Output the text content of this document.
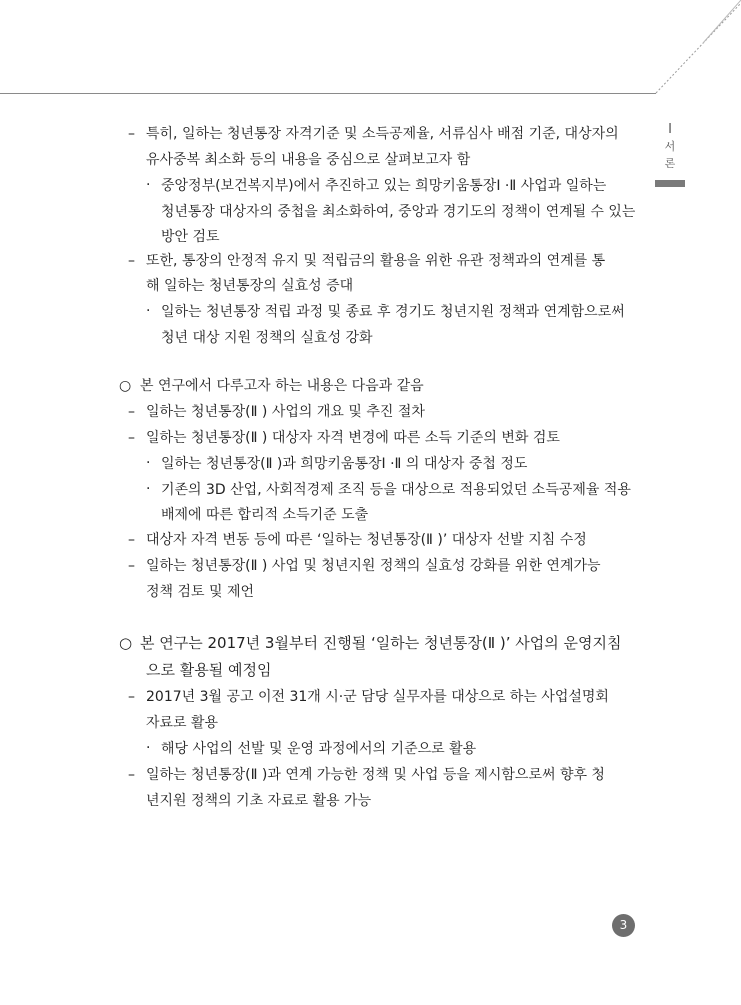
I
서
론
– 특히, 일하는 청년통장 자격기준 및 소득공제율, 서류심사 배점 기준, 대상자의
유사중복 최소화 등의 내용을 중심으로 살펴보고자 함
· 중앙정부(보건복지부)에서 추진하고 있는 희망키움통장Ⅰ ·Ⅱ 사업과 일하는
청년통장 대상자의 중첩을 최소화하여, 중앙과 경기도의 정책이 연계될 수 있는
방안 검토
– 또한, 통장의 안정적 유지 및 적립금의 활용을 위한 유관 정책과의 연계를 통
해 일하는 청년통장의 실효성 증대
· 일하는 청년통장 적립 과정 및 종료 후 경기도 청년지원 정책과 연계함으로써
청년 대상 지원 정책의 실효성 강화
○ 본 연구에서 다루고자 하는 내용은 다음과 같음
– 일하는 청년통장(Ⅱ ) 사업의 개요 및 추진 절차
– 일하는 청년통장(Ⅱ ) 대상자 자격 변경에 따른 소득 기준의 변화 검토
· 일하는 청년통장(Ⅱ )과 희망키움통장Ⅰ ·Ⅱ 의 대상자 중첩 정도
· 기존의 3D 산업, 사회적경제 조직 등을 대상으로 적용되었던 소득공제율 적용
배제에 따른 합리적 소득기준 도출
– 대상자 자격 변동 등에 따른 ‘일하는 청년통장(Ⅱ )’ 대상자 선발 지침 수정
– 일하는 청년통장(Ⅱ ) 사업 및 청년지원 정책의 실효성 강화를 위한 연계가능
정책 검토 및 제언
○ 본 연구는 2017년 3월부터 진행될 ‘일하는 청년통장(Ⅱ )’ 사업의 운영지침
으로 활용될 예정임
– 2017년 3월 공고 이전 31개 시·군 담당 실무자를 대상으로 하는 사업설명회
자료로 활용
· 해당 사업의 선발 및 운영 과정에서의 기준으로 활용
– 일하는 청년통장(Ⅱ )과 연계 가능한 정책 및 사업 등을 제시함으로써 향후 청
년지원 정책의 기초 자료로 활용 가능
3
